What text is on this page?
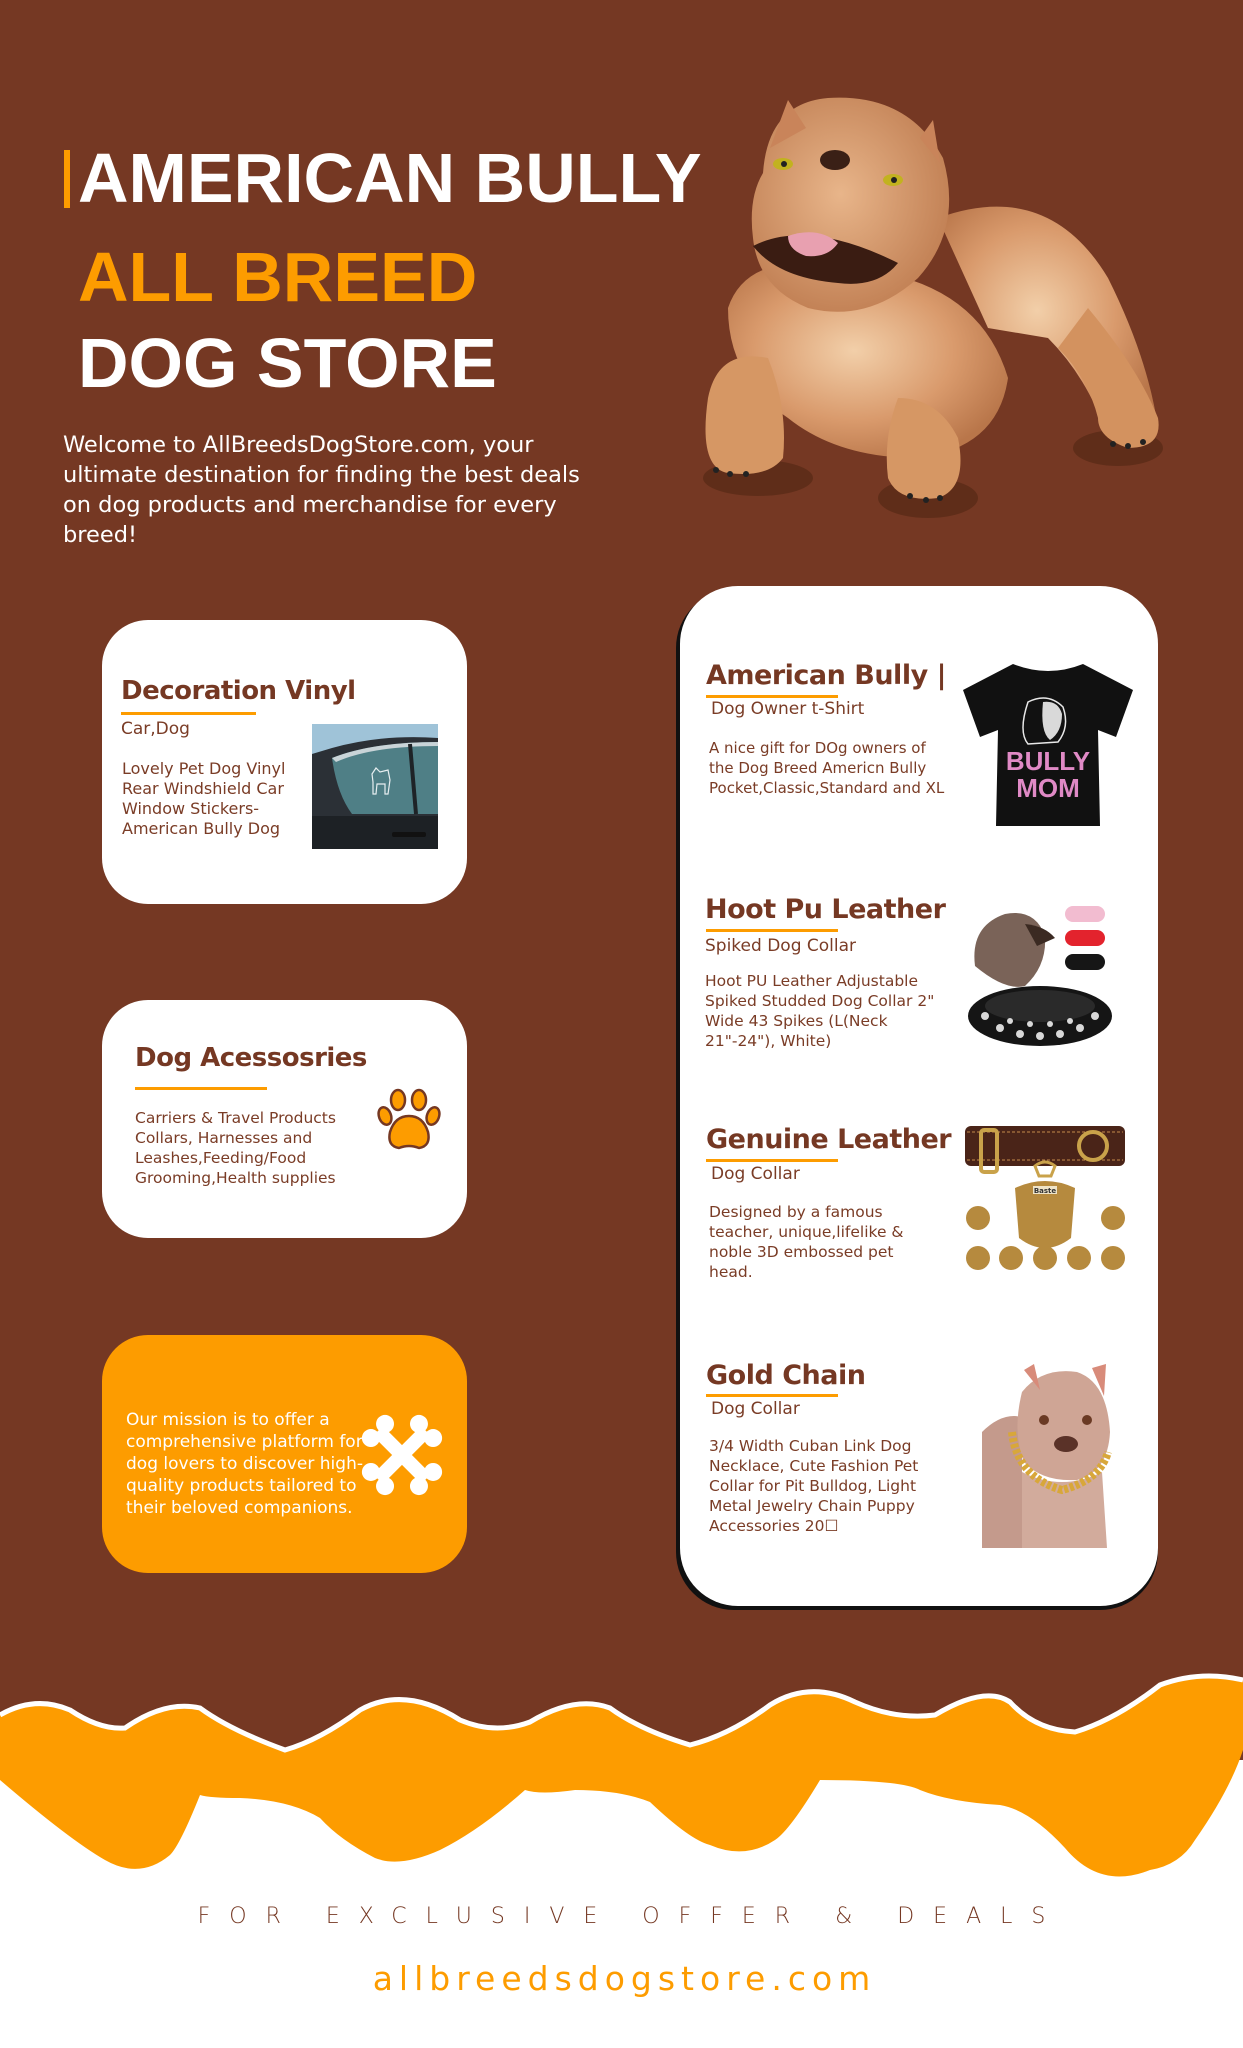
AMERICAN BULLY
ALL BREED
DOG STORE

Welcome to AllBreedsDogStore.com, your ultimate destination for finding the best deals on dog products and merchandise for every breed!

Decoration Vinyl
Car,Dog
Lovely Pet Dog Vinyl Rear Windshield Car Window Stickers-American Bully Dog
Dog Acessosries
Carriers & Travel Products Collars, Harnesses and Leashes,Feeding/Food Grooming,Health supplies

Our mission is to offer a comprehensive platform for dog lovers to discover high-quality products tailored to their beloved companions.

American Bully |
Dog Owner t-Shirt
A nice gift for DOg owners of the Dog Breed Americn Bully Pocket,Classic,Standard and XL
BULLY
MOM
Hoot Pu Leather
Spiked Dog Collar
Hoot PU Leather Adjustable Spiked Studded Dog Collar 2" Wide 43 Spikes (L(Neck 21"-24"), White)
Genuine Leather
Dog Collar
Designed by a famous teacher, unique,lifelike & noble 3D embossed pet head.
Baste
Gold Chain
Dog Collar
3/4 Width Cuban Link Dog Necklace, Cute Fashion Pet Collar for Pit Bulldog, Light Metal Jewelry Chain Puppy Accessories 20☐
FOR EXCLUSIVE OFFER & DEALS
allbreedsdogstore.com
